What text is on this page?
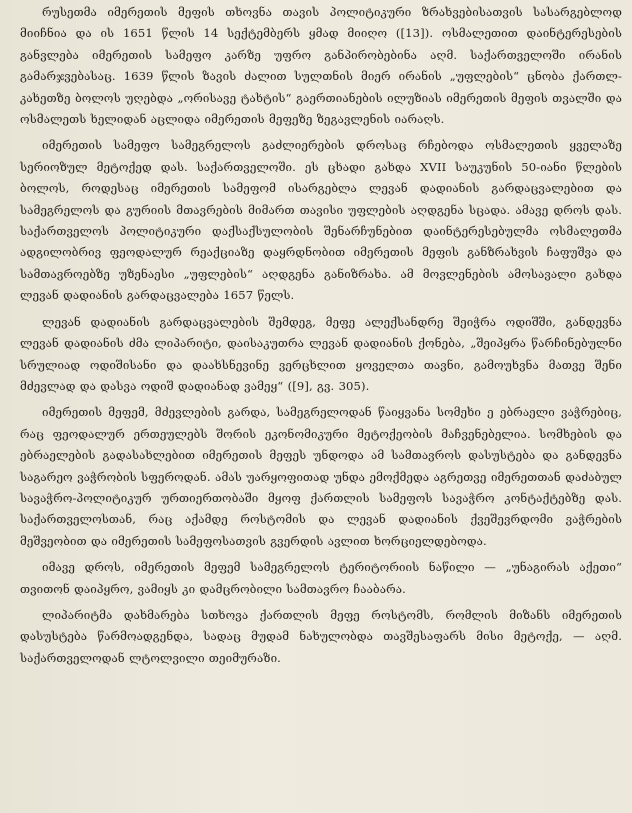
რუსეთმა იმერეთის მეფის თხოვნა თავის პოლიტიკური ზრახვებისათვის სასარგებლოდ მიიჩნია და ის 1651 წლის 14 სექტემბერს ყმად მიიღო ([13]). ოსმალეთით დაინტერესების განვლება იმერეთის სამეფო კარზე უფრო განპირობებინა აღმ. საქართველოში ირანის გამარჯვებასაც. 1639 წლის ზავის ძალით სულთნის მიერ ირანის „უფლების“ ცნობა ქართლ-კახეთზე ბოლოს უღებდა „ორისავე ტახტის“ გაერთიანების ილუზიას იმერეთის მეფის თვალში და ოსმალეთს ხელიდან აცლიდა იმერეთის მეფეზე ზეგავლენის იარაღს.

იმერეთის სამეფო სამეგრელოს გაძლიერების დროსაც რჩებოდა ოსმალეთის ყველაზე სერიოზულ მეტოქედ დას. საქართველოში. ეს ცხადი გახდა XVII საუკუნის 50-იანი წლების ბოლოს, როდესაც იმერეთის სამეფომ ისარგებლა ლევან დადიანის გარდაცვალებით და სამეგრელოს და გურიის მთავრების მიმართ თავისი უფლების აღდგენა სცადა. ამავე დროს დას. საქართველოს პოლიტიკური დაქსაქსულობის შენარჩუნებით დაინტერესებულმა ოსმალეთმა ადგილობრივ ფეოდალურ რეაქციაზე დაყრდნობით იმერეთის მეფის განზრახვის ჩაფუშვა და სამთავროებზე უზენაესი „უფლების“ აღდგენა განიზრახა. ამ მოვლენების ამოსავალი გახდა ლევან დადიანის გარდაცვალება 1657 წელს.

ლევან დადიანის გარდაცვალების შემდეგ, მეფე ალექსანდრე შეიჭრა ოდიშში, განდევნა ლევან დადიანის ძმა ლიპარიტი, დაისაკუთრა ლევან დადიანის ქონება, „შეიპყრა წარჩინებულნი სრულიად ოდიშისანი და დაახსნევინე ვერცხლით ყოველთა თავნი, გამოუხვნა მათვე შენი მძევლად და დასვა ოდიშ დადიანად ვამეყ“ ([9], გვ. 305).

იმერეთის მეფემ, მძევლების გარდა, სამეგრელოდან წაიყვანა სომეხი ე ებრაელი ვაჭრებიც, რაც ფეოდალურ ერთეულებს შორის ეკონომიკური მეტოქეობის მაჩვენებელია. სომხების და ებრაელების გადასახლებით იმერეთის მეფეს უნდოდა ამ სამთავროს დასუსტება და განდევნა საგარეო ვაჭრობის სფეროდან. ამას უარყოფითად უნდა ემოქმედა აგრეთვე იმერეთთან დაძაბულ სავაჭრო-პოლიტიკურ ურთიერთობაში მყოფ ქართლის სამეფოს სავაჭრო კონტაქტებზე დას. საქართველოსთან, რაც აქამდე როსტომის და ლევან დადიანის ქვეშევრდომი ვაჭრების მეშვეობით და იმერეთის სამეფოსათვის გვერდის ავლით ხორციელდებოდა.

იმავე დროს, იმერეთის მეფემ სამეგრელოს ტერიტორიის ნაწილი — „უნაგირას აქეთი“ თვითონ დაიპყრო, ვამიყს კი დამცრობილი სამთავრო ჩააბარა.

ლიპარიტმა დახმარება სთხოვა ქართლის მეფე როსტომს, რომლის მიზანს იმერეთის დასუსტება წარმოადგენდა, სადაც მუდამ ნახულობდა თავშესაფარს მისი მეტოქე, — აღმ. საქართველოდან ლტოლვილი თეიმურაზი.
